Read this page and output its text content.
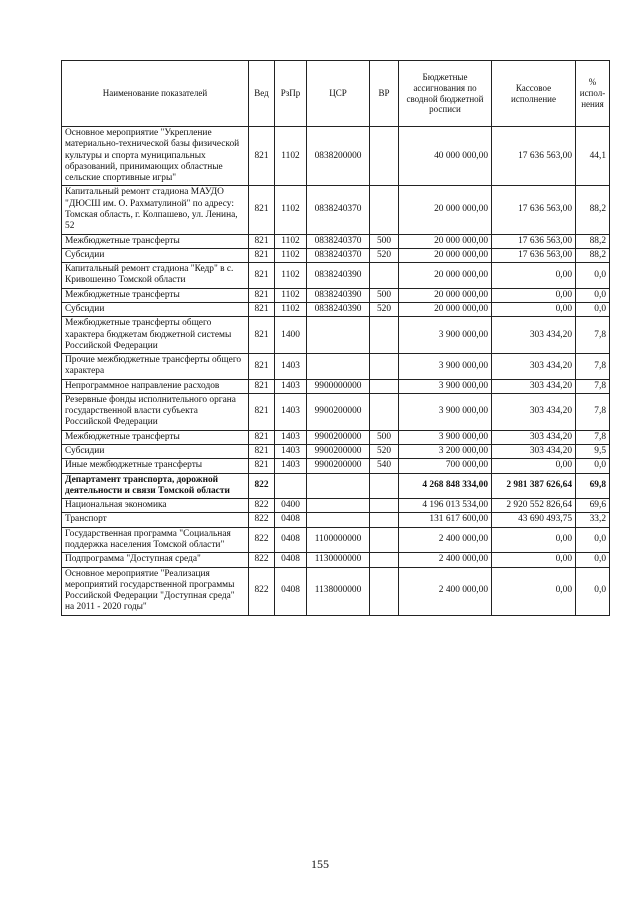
Наименование показателей	Вед	РзПр	ЦСР	ВР	Бюджетные ассигнования по сводной бюджетной росписи	Кассовое исполнение	% испол-нения
Основное мероприятие "Укрепление материально-технической базы физической культуры и спорта муниципальных образований, принимающих областные сельские спортивные игры"	821	1102	0838200000		40 000 000,00	17 636 563,00	44,1
Капитальный ремонт стадиона МАУДО "ДЮСШ им. О. Рахматулиной" по адресу: Томская область, г. Колпашево, ул. Ленина, 52	821	1102	0838240370		20 000 000,00	17 636 563,00	88,2
Межбюджетные трансферты	821	1102	0838240370	500	20 000 000,00	17 636 563,00	88,2
Субсидии	821	1102	0838240370	520	20 000 000,00	17 636 563,00	88,2
Капитальный ремонт стадиона "Кедр" в с. Кривошеино Томской области	821	1102	0838240390		20 000 000,00	0,00	0,0
Межбюджетные трансферты	821	1102	0838240390	500	20 000 000,00	0,00	0,0
Субсидии	821	1102	0838240390	520	20 000 000,00	0,00	0,0
Межбюджетные трансферты общего характера бюджетам бюджетной системы Российской Федерации	821	1400			3 900 000,00	303 434,20	7,8
Прочие межбюджетные трансферты общего характера	821	1403			3 900 000,00	303 434,20	7,8
Непрограммное направление расходов	821	1403	9900000000		3 900 000,00	303 434,20	7,8
Резервные фонды исполнительного органа государственной власти субъекта Российской Федерации	821	1403	9900200000		3 900 000,00	303 434,20	7,8
Межбюджетные трансферты	821	1403	9900200000	500	3 900 000,00	303 434,20	7,8
Субсидии	821	1403	9900200000	520	3 200 000,00	303 434,20	9,5
Иные межбюджетные трансферты	821	1403	9900200000	540	700 000,00	0,00	0,0
Департамент транспорта, дорожной деятельности и связи Томской области	822				4 268 848 334,00	2 981 387 626,64	69,8
Национальная экономика	822	0400			4 196 013 534,00	2 920 552 826,64	69,6
Транспорт	822	0408			131 617 600,00	43 690 493,75	33,2
Государственная программа "Социальная поддержка населения Томской области"	822	0408	1100000000		2 400 000,00	0,00	0,0
Подпрограмма "Доступная среда"	822	0408	1130000000		2 400 000,00	0,00	0,0
Основное мероприятие "Реализация мероприятий государственной программы Российской Федерации "Доступная среда" на 2011 - 2020 годы"	822	0408	1138000000		2 400 000,00	0,00	0,0
155
